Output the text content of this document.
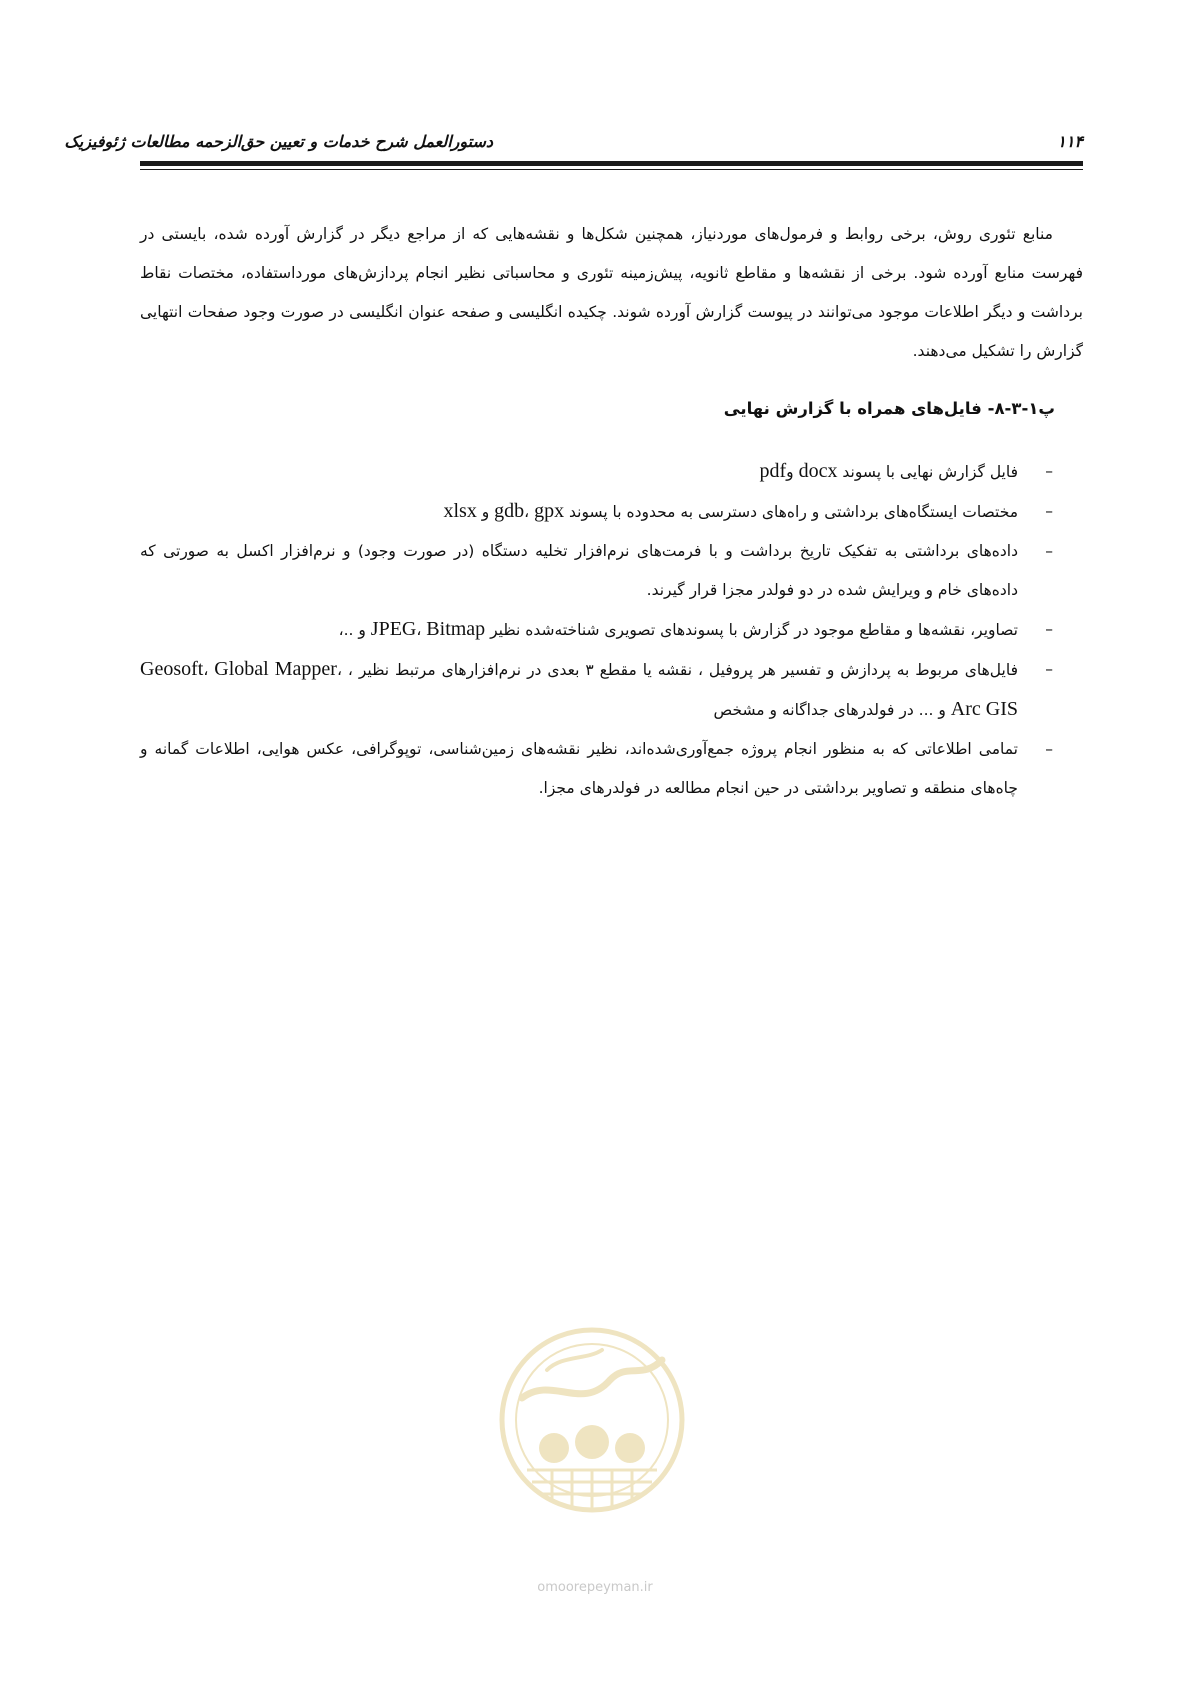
دستورالعمل شرح خدمات و تعیین حق‌الزحمه مطالعات ژئوفیزیک	۱۱۴

منابع تئوری روش، برخی روابط و فرمول‌های موردنیاز، همچنین شکل‌ها و نقشه‌هایی که از مراجع دیگر در گزارش آورده شده، بایستی در فهرست منابع آورده شود. برخی از نقشه‌ها و مقاطع ثانویه، پیش‌زمینه تئوری و محاسباتی نظیر انجام پردازش‌های مورداستفاده، مختصات نقاط برداشت و دیگر اطلاعات موجود می‌توانند در پیوست گزارش آورده شوند. چکیده انگلیسی و صفحه عنوان انگلیسی در صورت وجود صفحات انتهایی گزارش را تشکیل می‌دهند.

پ۱-۳-۸- فایل‌های همراه با گزارش نهایی
– فایل گزارش نهایی با پسوند docx وpdf
– مختصات ایستگاه‌های برداشتی و راه‌های دسترسی به محدوده با پسوند gdb، gpx و xlsx
– داده‌های برداشتی به تفکیک تاریخ برداشت و با فرمت‌های نرم‌افزار تخلیه دستگاه (در صورت وجود) و نرم‌افزار اکسل به صورتی که داده‌های خام و ویرایش شده در دو فولدر مجزا قرار گیرند.
– تصاویر، نقشه‌ها و مقاطع موجود در گزارش با پسوندهای تصویری شناخته‌شده نظیر JPEG، Bitmap و ..،
– فایل‌های مربوط به پردازش و تفسیر هر پروفیل ، نقشه یا مقطع ۳ بعدی در نرم‌افزارهای مرتبط نظیر ، Geosoft، Global Mapper، Arc GIS و ... در فولدرهای جداگانه و مشخص
– تمامی اطلاعاتی که به منظور انجام پروژه جمع‌آوری‌شده‌اند، نظیر نقشه‌های زمین‌شناسی، توپوگرافی، عکس هوایی، اطلاعات گمانه و چاه‌های منطقه و تصاویر برداشتی در حین انجام مطالعه در فولدرهای مجزا.
omoorepeyman.ir
